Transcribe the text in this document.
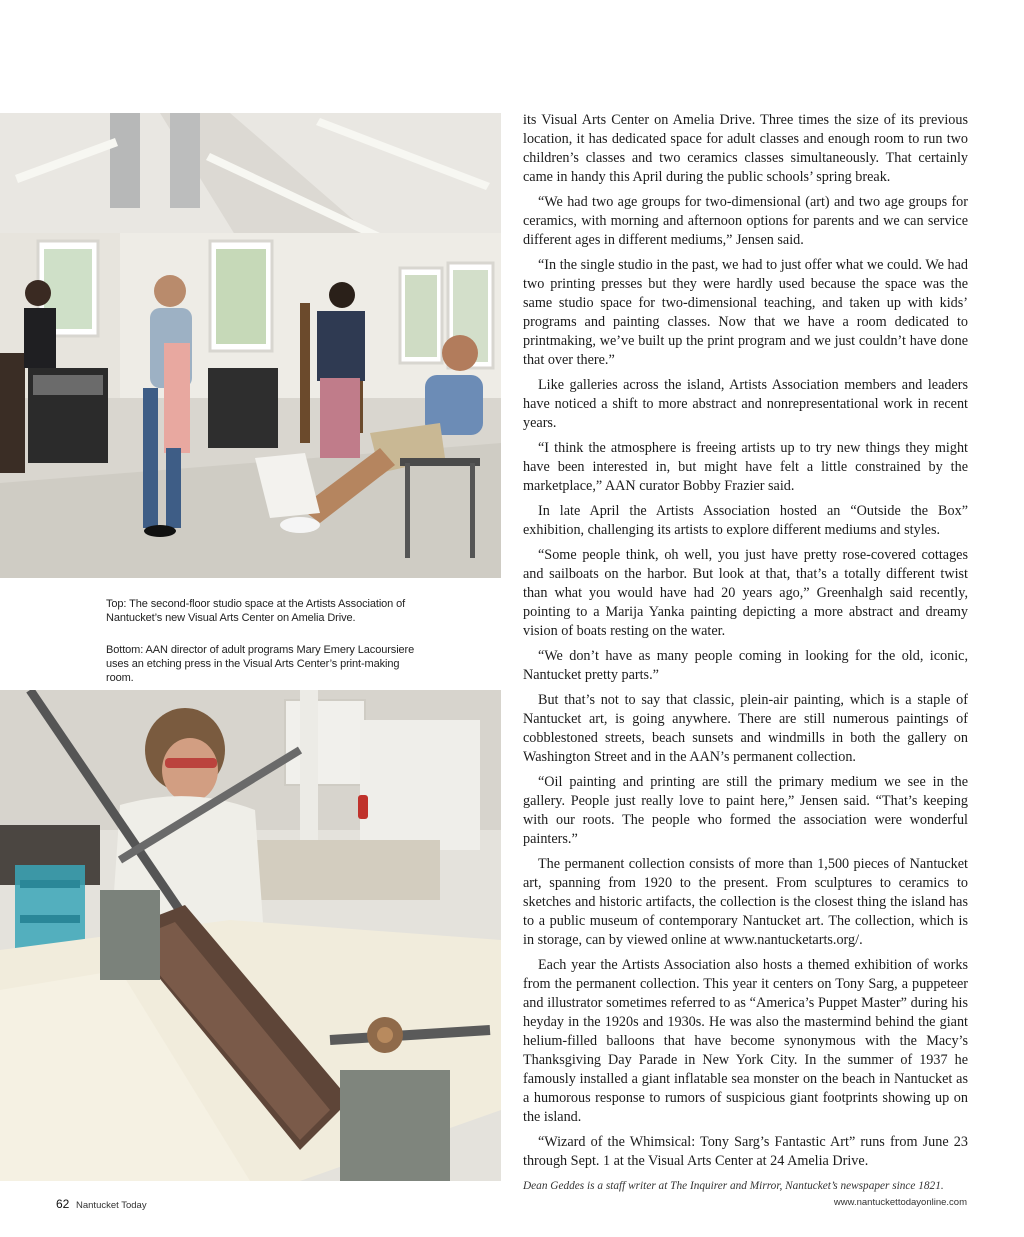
Top: The second-floor studio space at the Artists Association of Nantucket’s new Visual Arts Center on Amelia Drive.
Bottom: AAN director of adult programs Mary Emery Lacoursiere uses an etching press in the Visual Arts Center’s print-making room.

its Visual Arts Center on Amelia Drive. Three times the size of its previous location, it has dedicated space for adult classes and enough room to run two children’s classes and two ceramics classes simultaneously. That certainly came in handy this April during the public schools’ spring break.

“We had two age groups for two-dimensional (art) and two age groups for ceramics, with morning and afternoon options for parents and we can service different ages in different mediums,” Jensen said.

“In the single studio in the past, we had to just offer what we could. We had two printing presses but they were hardly used because the space was the same studio space for two-dimensional teaching, and taken up with kids’ programs and painting classes. Now that we have a room dedicated to printmaking, we’ve built up the print program and we just couldn’t have done that over there.”

Like galleries across the island, Artists Association members and leaders have noticed a shift to more abstract and nonrepresentational work in recent years.

“I think the atmosphere is freeing artists up to try new things they might have been interested in, but might have felt a little constrained by the marketplace,” AAN curator Bobby Frazier said.

In late April the Artists Association hosted an “Outside the Box” exhibition, challenging its artists to explore different mediums and styles.

“Some people think, oh well, you just have pretty rose-covered cottages and sailboats on the harbor. But look at that, that’s a totally different twist than what you would have had 20 years ago,” Greenhalgh said recently, pointing to a Marija Yanka painting depicting a more abstract and dreamy vision of boats resting on the water.

“We don’t have as many people coming in looking for the old, iconic, Nantucket pretty parts.”

But that’s not to say that classic, plein-air painting, which is a staple of Nantucket art, is going anywhere. There are still numerous paintings of cobblestoned streets, beach sunsets and windmills in both the gallery on Washington Street and in the AAN’s permanent collection.

“Oil painting and printing are still the primary medium we see in the gallery. People just really love to paint here,” Jensen said. “That’s keeping with our roots. The people who formed the association were wonderful painters.”

The permanent collection consists of more than 1,500 pieces of Nantucket art, spanning from 1920 to the present. From sculptures to ceramics to sketches and historic artifacts, the collection is the closest thing the island has to a public museum of contemporary Nantucket art. The collection, which is in storage, can by viewed online at www.nantucketarts.org/.

Each year the Artists Association also hosts a themed exhibition of works from the permanent collection. This year it centers on Tony Sarg, a puppeteer and illustrator sometimes referred to as “America’s Puppet Master” during his heyday in the 1920s and 1930s. He was also the mastermind behind the giant helium-filled balloons that have become synonymous with the Macy’s Thanksgiving Day Parade in New York City. In the summer of 1937 he famously installed a giant inflatable sea monster on the beach in Nantucket as a humorous response to rumors of suspicious giant footprints showing up on the island.

“Wizard of the Whimsical: Tony Sarg’s Fantastic Art” runs from June 23 through Sept. 1 at the Visual Arts Center at 24 Amelia Drive.

Dean Geddes is a staff writer at The Inquirer and Mirror, Nantucket’s newspaper since 1821.
62 Nantucket Today	www.nantuckettodayonline.com
